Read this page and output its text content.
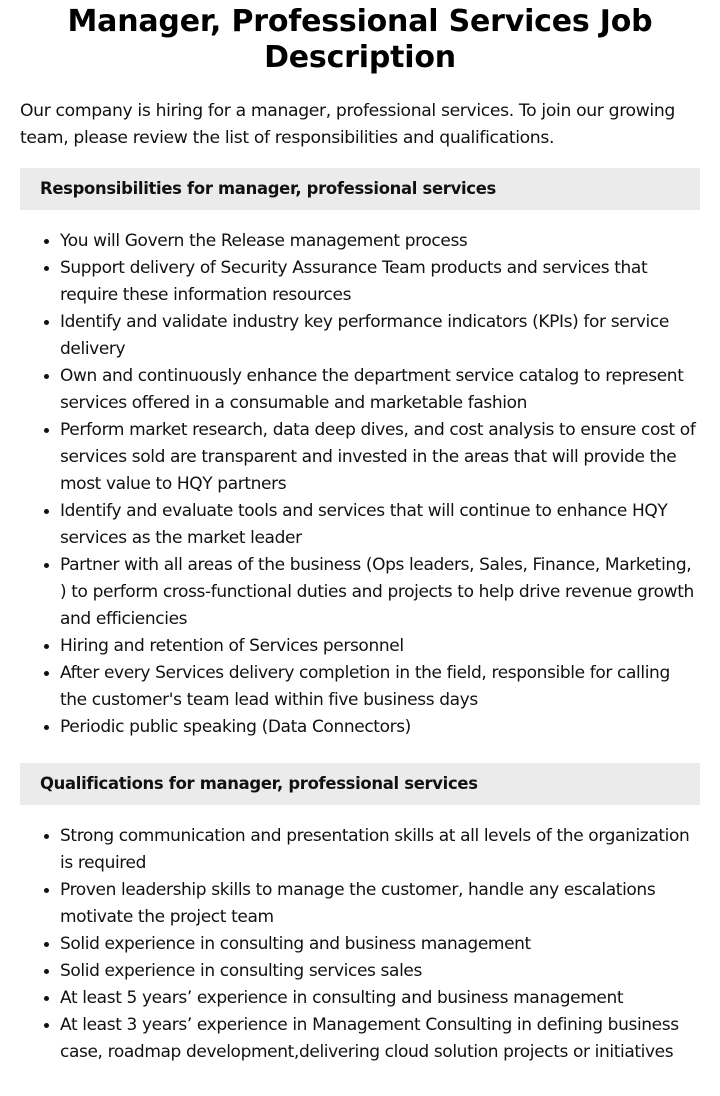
Manager, Professional Services Job Description

Our company is hiring for a manager, professional services. To join our growing team, please review the list of responsibilities and qualifications.

Responsibilities for manager, professional services
• You will Govern the Release management process
• Support delivery of Security Assurance Team products and services that require these information resources
• Identify and validate industry key performance indicators (KPIs) for service delivery
• Own and continuously enhance the department service catalog to represent services offered in a consumable and marketable fashion
• Perform market research, data deep dives, and cost analysis to ensure cost of services sold are transparent and invested in the areas that will provide the most value to HQY partners
• Identify and evaluate tools and services that will continue to enhance HQY services as the market leader
• Partner with all areas of the business (Ops leaders, Sales, Finance, Marketing, ) to perform cross-functional duties and projects to help drive revenue growth and efficiencies
• Hiring and retention of Services personnel
• After every Services delivery completion in the field, responsible for calling the customer's team lead within five business days
• Periodic public speaking (Data Connectors)
Qualifications for manager, professional services
• Strong communication and presentation skills at all levels of the organization is required
• Proven leadership skills to manage the customer, handle any escalations motivate the project team
• Solid experience in consulting and business management
• Solid experience in consulting services sales
• At least 5 years’ experience in consulting and business management
• At least 3 years’ experience in Management Consulting in defining business case, roadmap development,delivering cloud solution projects or initiatives
